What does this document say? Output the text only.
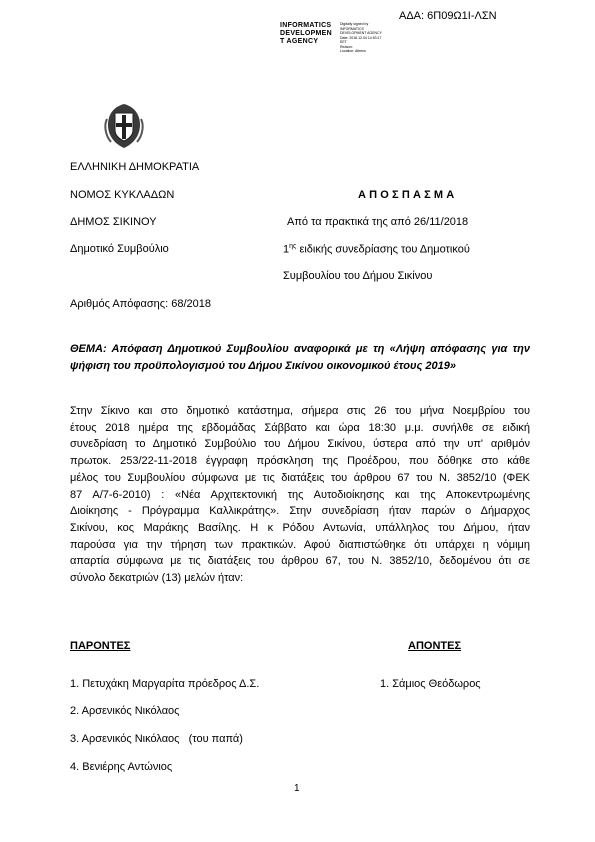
ΑΔΑ: 6Π09Ω1Ι-ΛΣΝ
INFORMATICS
DEVELOPMEN
T AGENCY
Digitally signed by
INFORMATICS
DEVELOPMENT AGENCY
Date: 2018.12.04 14:53:17
EET
Reason:
Location: Athens
ΕΛΛΗΝΙΚΗ ΔΗΜΟΚΡΑΤΙΑ
ΝΟΜΟΣ ΚΥΚΛΑΔΩΝ
ΔΗΜΟΣ ΣΙΚΙΝΟΥ
Δημοτικό Συμβούλιο
Αριθμός Απόφασης: 68/2018
ΑΠΟΣΠΑΣΜΑ
Από τα πρακτικά της από 26/11/2018
$1^{\eta\varsigma}$ ειδικής συνεδρίασης του Δημοτικού
Συμβουλίου του Δήμου Σικίνου
ΘΕΜΑ: Απόφαση Δημοτικού Συμβουλίου αναφορικά με τη «Λήψη απόφασης για την ψήφιση του προϋπολογισμού του Δήμου Σικίνου οικονομικού έτους 2019»
Στην Σίκινο και στο δημοτικό κατάστημα, σήμερα στις 26 του μήνα Νοεμβρίου του
έτους 2018 ημέρα της εβδομάδας Σάββατο και ώρα 18:30 μ.μ. συνήλθε σε ειδική
συνεδρίαση το Δημοτικό Συμβούλιο του Δήμου Σικίνου, ύστερα από την υπ' αριθμόν
πρωτοκ. 253/22-11-2018 έγγραφη πρόσκληση της Προέδρου, που δόθηκε στο κάθε
μέλος του Συμβουλίου σύμφωνα με τις διατάξεις του άρθρου 67 του Ν. 3852/10 (ΦΕΚ
87 Α/7-6-2010) : «Νέα Αρχιτεκτονική της Αυτοδιοίκησης και της Αποκεντρωμένης
Διοίκησης - Πρόγραμμα Καλλικράτης». Στην συνεδρίαση ήταν παρών ο Δήμαρχος
Σικίνου, κος Μαράκης Βασίλης. Η κ Ρόδου Αντωνία, υπάλληλος του Δήμου, ήταν
παρούσα για την τήρηση των πρακτικών. Αφού διαπιστώθηκε ότι υπάρχει η νόμιμη
απαρτία σύμφωνα με τις διατάξεις του άρθρου 67, του Ν. 3852/10, δεδομένου ότι σε
σύνολο δεκατριών (13) μελών ήταν:
ΠΑΡΟΝΤΕΣ	ΑΠΟΝΤΕΣ
1. Πετυχάκη Μαργαρίτα πρόεδρος Δ.Σ.
2. Αρσενικός Νικόλαος
3. Αρσενικός Νικόλαος   (του παπά)
4. Βενιέρης Αντώνιος
1. Σάμιος Θεόδωρος
1
